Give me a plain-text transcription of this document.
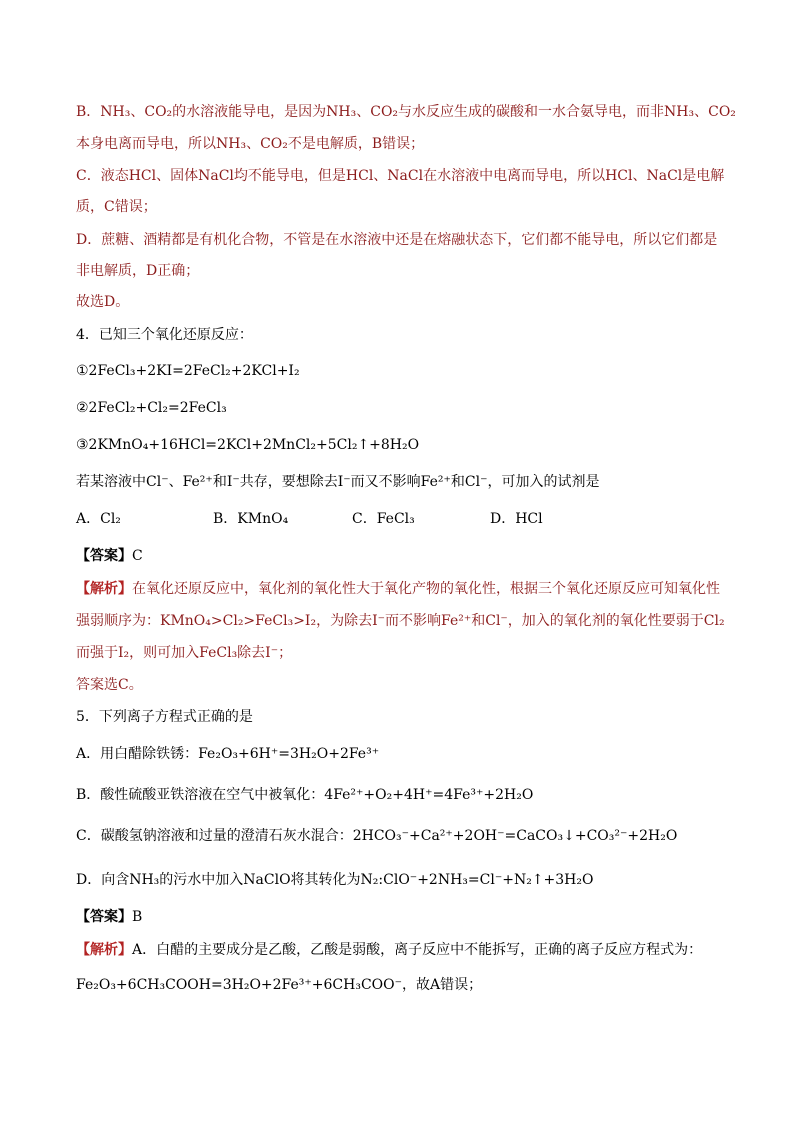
B．NH₃、CO₂的水溶液能导电，是因为NH₃、CO₂与水反应生成的碳酸和一水合氨导电，而非NH₃、CO₂
本身电离而导电，所以NH₃、CO₂不是电解质，B错误；
C．液态HCl、固体NaCl均不能导电，但是HCl、NaCl在水溶液中电离而导电，所以HCl、NaCl是电解
质，C错误；
D．蔗糖、酒精都是有机化合物，不管是在水溶液中还是在熔融状态下，它们都不能导电，所以它们都是
非电解质，D正确；
故选D。
4．已知三个氧化还原反应：
①2FeCl₃+2KI=2FeCl₂+2KCl+I₂
②2FeCl₂+Cl₂=2FeCl₃
③2KMnO₄+16HCl=2KCl+2MnCl₂+5Cl₂↑+8H₂O
若某溶液中Cl⁻、Fe²⁺和I⁻共存，要想除去I⁻而又不影响Fe²⁺和Cl⁻，可加入的试剂是
A．Cl₂	B．KMnO₄	C．FeCl₃	D．HCl
【答案】C
【解析】在氧化还原反应中，氧化剂的氧化性大于氧化产物的氧化性，根据三个氧化还原反应可知氧化性
强弱顺序为：KMnO₄>Cl₂>FeCl₃>I₂，为除去I⁻而不影响Fe²⁺和Cl⁻，加入的氧化剂的氧化性要弱于Cl₂
而强于I₂，则可加入FeCl₃除去I⁻；
答案选C。
5．下列离子方程式正确的是
A．用白醋除铁锈：Fe₂O₃+6H⁺=3H₂O+2Fe³⁺
B．酸性硫酸亚铁溶液在空气中被氧化：4Fe²⁺+O₂+4H⁺=4Fe³⁺+2H₂O
C．碳酸氢钠溶液和过量的澄清石灰水混合：2HCO₃⁻+Ca²⁺+2OH⁻=CaCO₃↓+CO₃²⁻+2H₂O
D．向含NH₃的污水中加入NaClO将其转化为N₂:ClO⁻+2NH₃=Cl⁻+N₂↑+3H₂O
【答案】B
【解析】A．白醋的主要成分是乙酸，乙酸是弱酸，离子反应中不能拆写，正确的离子反应方程式为：
Fe₂O₃+6CH₃COOH=3H₂O+2Fe³⁺+6CH₃COO⁻，故A错误；
